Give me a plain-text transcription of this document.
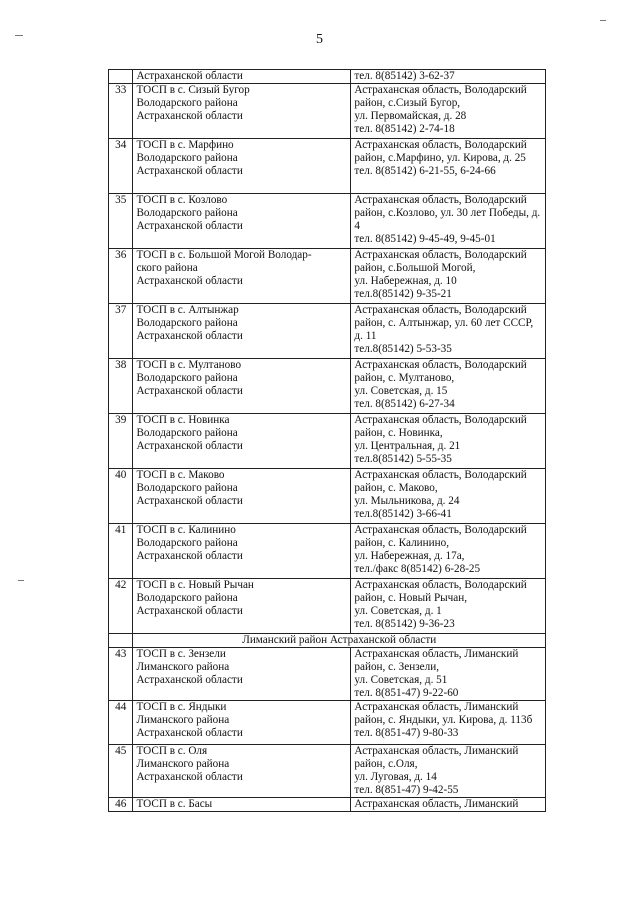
5
	Астраханской области	тел. 8(85142) 3-62-37
33	ТОСП в с. Сизый Бугор
Володарского района
Астраханской области	Астраханская область, Володарский район, с.Сизый Бугор,
ул. Первомайская, д. 28
тел. 8(85142) 2-74-18
34	ТОСП в с. Марфино
Володарского района
Астраханской области	Астраханская область, Володарский район, с.Марфино, ул. Кирова, д. 25
тел. 8(85142) 6-21-55, 6-24-66
35	ТОСП в с. Козлово
Володарского района
Астраханской области	Астраханская область, Володарский район, с.Козлово, ул. 30 лет Победы, д. 4
тел. 8(85142) 9-45-49, 9-45-01
36	ТОСП в с. Большой Могой Володар-
ского района
Астраханской области	Астраханская область, Володарский район, с.Большой Могой,
ул. Набережная, д. 10
тел.8(85142) 9-35-21
37	ТОСП в с. Алтынжар
Володарского района
Астраханской области	Астраханская область, Володарский район, с. Алтынжар, ул. 60 лет СССР, д. 11
тел.8(85142) 5-53-35
38	ТОСП в с. Мултаново
Володарского района
Астраханской области	Астраханская область, Володарский район, с. Мултаново,
ул. Советская, д. 15
тел. 8(85142) 6-27-34
39	ТОСП в с. Новинка
Володарского района
Астраханской области	Астраханская область, Володарский район, с. Новинка,
ул. Центральная, д. 21
тел.8(85142) 5-55-35
40	ТОСП в с. Маково
Володарского района
Астраханской области	Астраханская область, Володарский район, с. Маково,
ул. Мыльникова, д. 24
тел.8(85142) 3-66-41
41	ТОСП в с. Калинино
Володарского района
Астраханской области	Астраханская область, Володарский район, с. Калинино,
ул. Набережная, д. 17а,
тел./факс 8(85142) 6-28-25
42	ТОСП в с. Новый Рычан
Володарского района
Астраханской области	Астраханская область, Володарский район, с. Новый Рычан,
ул. Советская, д. 1
тел. 8(85142) 9-36-23
	Лиманский район Астраханской области	
43	ТОСП в с. Зензели
Лиманского района
Астраханской области	Астраханская область, Лиманский район, с. Зензели,
ул. Советская, д. 51
тел. 8(851-47) 9-22-60
44	ТОСП в с. Яндыки
Лиманского района
Астраханской области	Астраханская область, Лиманский район, с. Яндыки, ул. Кирова, д. 113б
тел. 8(851-47) 9-80-33
45	ТОСП в с. Оля
Лиманского района
Астраханской области	Астраханская область, Лиманский район, с.Оля,
ул. Луговая, д. 14
тел. 8(851-47) 9-42-55
46	ТОСП в с. Басы	Астраханская область, Лиманский
